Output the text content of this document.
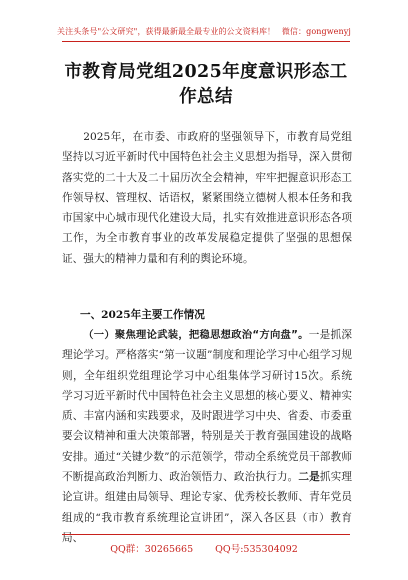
关注头条号"公文研究"，获得最新最全最专业的公文资料库！ 微信：gongwenyj
市教育局党组2025年度意识形态工作总结
2025年，在市委、市政府的坚强领导下，市教育局党组坚持以习近平新时代中国特色社会主义思想为指导，深入贯彻落实党的二十大及二十届历次全会精神，牢牢把握意识形态工作领导权、管理权、话语权，紧紧围绕立德树人根本任务和我市国家中心城市现代化建设大局，扎实有效推进意识形态各项工作，为全市教育事业的改革发展稳定提供了坚强的思想保证、强大的精神力量和有利的舆论环境。
一、2025年主要工作情况
（一）聚焦理论武装，把稳思想政治“方向盘”。一是抓深理论学习。严格落实“第一议题”制度和理论学习中心组学习规则，全年组织党组理论学习中心组集体学习研讨15次。系统学习习近平新时代中国特色社会主义思想的核心要义、精神实质、丰富内涵和实践要求，及时跟进学习中央、省委、市委重要会议精神和重大决策部署，特别是关于教育强国建设的战略安排。通过“关键少数”的示范领学，带动全系统党员干部教师不断提高政治判断力、政治领悟力、政治执行力。二是抓实理论宣讲。组建由局领导、理论专家、优秀校长教师、青年党员组成的“我市教育系统理论宣讲团”，深入各区县（市）教育局、
QQ群：30265665 QQ号:535304092
